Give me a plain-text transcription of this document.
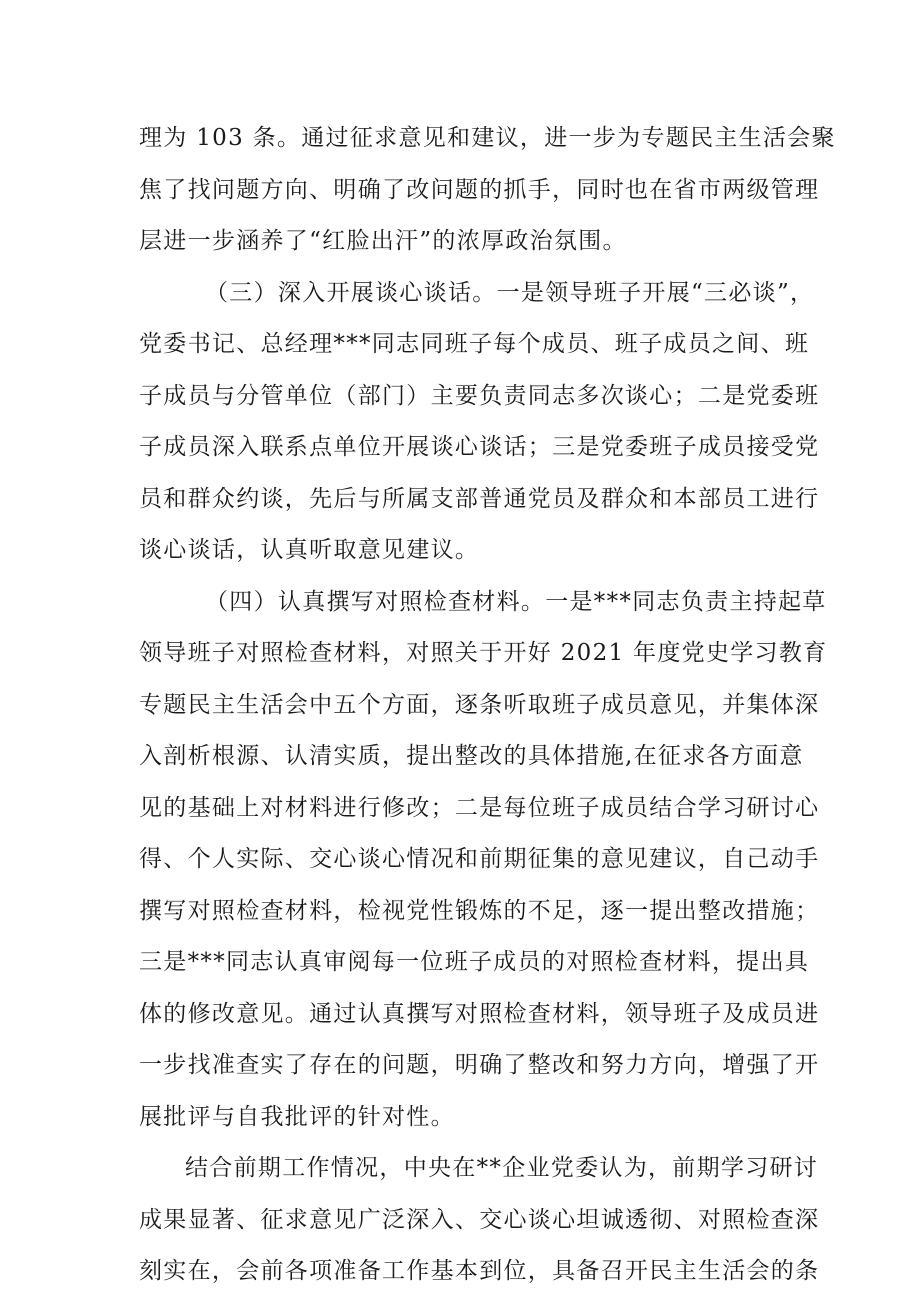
理为 103 条。通过征求意见和建议，进一步为专题民主生活会聚
焦了找问题方向、明确了改问题的抓手，同时也在省市两级管理
层进一步涵养了“红脸出汗”的浓厚政治氛围。
（三）深入开展谈心谈话。一是领导班子开展“三必谈”，
党委书记、总经理***同志同班子每个成员、班子成员之间、班
子成员与分管单位（部门）主要负责同志多次谈心；二是党委班
子成员深入联系点单位开展谈心谈话；三是党委班子成员接受党
员和群众约谈，先后与所属支部普通党员及群众和本部员工进行
谈心谈话，认真听取意见建议。
（四）认真撰写对照检查材料。一是***同志负责主持起草
领导班子对照检查材料，对照关于开好 2021 年度党史学习教育
专题民主生活会中五个方面，逐条听取班子成员意见，并集体深
入剖析根源、认清实质，提出整改的具体措施,在征求各方面意
见的基础上对材料进行修改；二是每位班子成员结合学习研讨心
得、个人实际、交心谈心情况和前期征集的意见建议，自己动手
撰写对照检查材料，检视党性锻炼的不足，逐一提出整改措施；
三是***同志认真审阅每一位班子成员的对照检查材料，提出具
体的修改意见。通过认真撰写对照检查材料，领导班子及成员进
一步找准查实了存在的问题，明确了整改和努力方向，增强了开
展批评与自我批评的针对性。
结合前期工作情况，中央在**企业党委认为，前期学习研讨
成果显著、征求意见广泛深入、交心谈心坦诚透彻、对照检查深
刻实在，会前各项准备工作基本到位，具备召开民主生活会的条
